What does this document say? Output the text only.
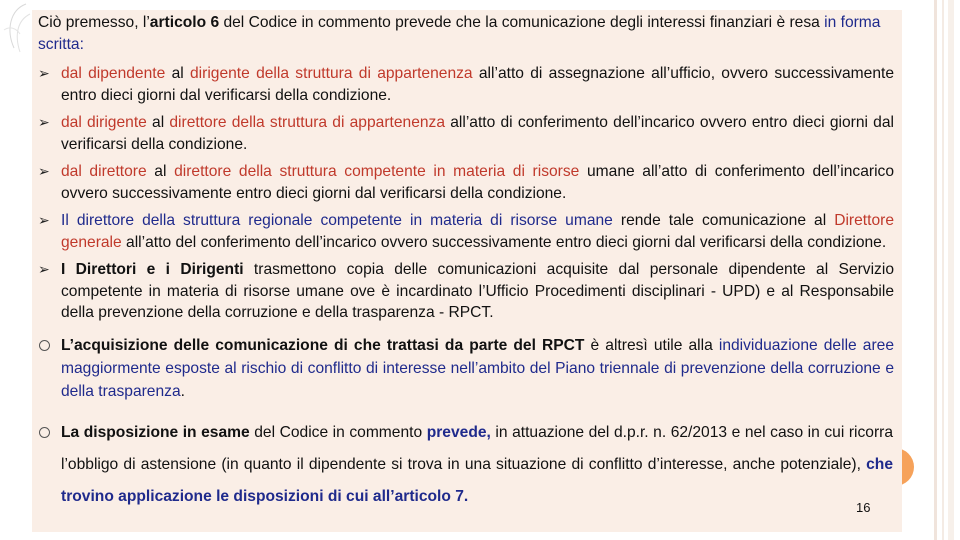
Ciò premesso, l’articolo 6 del Codice in commento prevede che la comunicazione degli interessi finanziari è resa in forma scritta:

➢ dal dipendente al dirigente della struttura di appartenenza all’atto di assegnazione all’ufficio, ovvero successivamente entro dieci giorni dal verificarsi della condizione.
➢ dal dirigente al direttore della struttura di appartenenza all’atto di conferimento dell’incarico ovvero entro dieci giorni dal verificarsi della condizione.
➢ dal direttore al direttore della struttura competente in materia di risorse umane all’atto di conferimento dell’incarico ovvero successivamente entro dieci giorni dal verificarsi della condizione.
➢ Il direttore della struttura regionale competente in materia di risorse umane rende tale comunicazione al Direttore generale all’atto del conferimento dell’incarico ovvero successivamente entro dieci giorni dal verificarsi della condizione.
➢ I Direttori e i Dirigenti trasmettono copia delle comunicazioni acquisite dal personale dipendente al Servizio competente in materia di risorse umane ove è incardinato l’Ufficio Procedimenti disciplinari - UPD) e al Responsabile della prevenzione della corruzione e della trasparenza - RPCT.
L’acquisizione delle comunicazione di che trattasi da parte del RPCT è altresì utile alla individuazione delle aree maggiormente esposte al rischio di conflitto di interesse nell’ambito del Piano triennale di prevenzione della corruzione e della trasparenza.
La disposizione in esame del Codice in commento prevede, in attuazione del d.p.r. n. 62/2013 e nel caso in cui ricorra l’obbligo di astensione (in quanto il dipendente si trova in una situazione di conflitto d’interesse, anche potenziale), che trovino applicazione le disposizioni di cui all’articolo 7.
16
